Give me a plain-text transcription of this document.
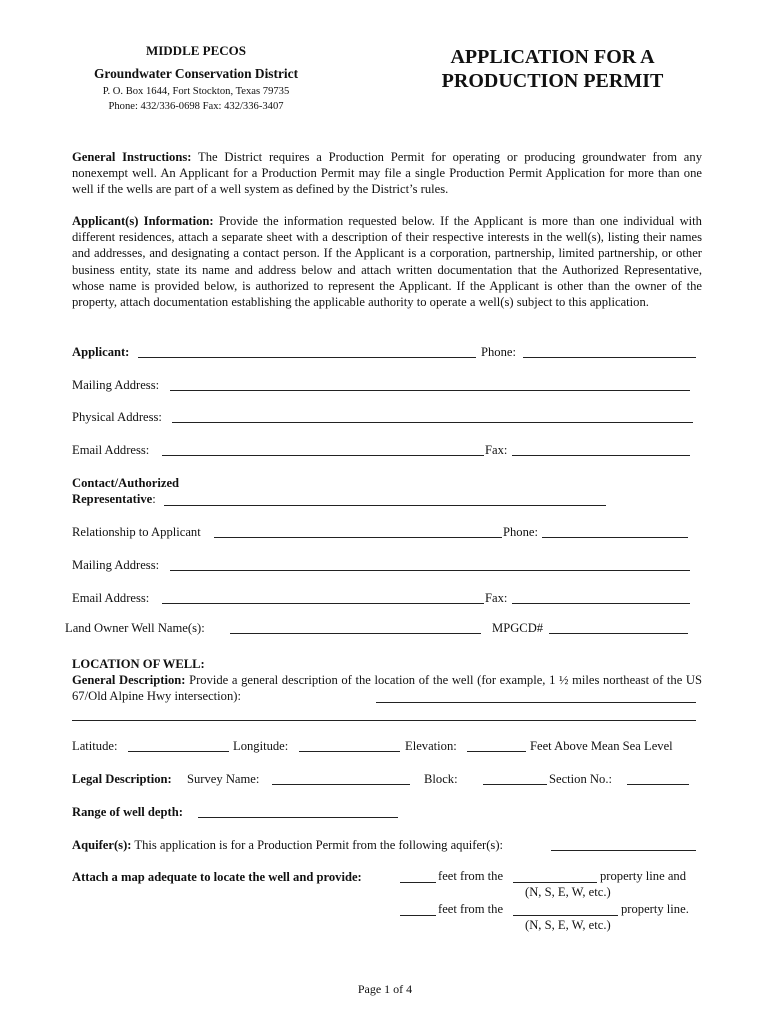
MIDDLE PECOS
Groundwater Conservation District
P. O. Box 1644, Fort Stockton, Texas 79735
Phone: 432/336-0698 Fax: 432/336-3407
APPLICATION FOR A
PRODUCTION PERMIT
General Instructions: The District requires a Production Permit for operating or producing groundwater from any nonexempt well. An Applicant for a Production Permit may file a single Production Permit Application for more than one well if the wells are part of a well system as defined by the District’s rules.
Applicant(s) Information: Provide the information requested below. If the Applicant is more than one individual with different residences, attach a separate sheet with a description of their respective interests in the well(s), listing their names and addresses, and designating a contact person. If the Applicant is a corporation, partnership, limited partnership, or other business entity, state its name and address below and attach written documentation that the Authorized Representative, whose name is provided below, is authorized to represent the Applicant. If the Applicant is other than the owner of the property, attach documentation establishing the applicable authority to operate a well(s) subject to this application.
Applicant:	Phone:
Mailing Address:
Physical Address:
Email Address:	Fax:
Contact/Authorized
Representative:
Relationship to Applicant	Phone:
Mailing Address:
Email Address:	Fax:
Land Owner Well Name(s):	MPGCD#
LOCATION OF WELL:
General Description: Provide a general description of the location of the well (for example, 1 ½ miles northeast of the US 67/Old Alpine Hwy intersection):
Latitude:	Longitude:	Elevation:	Feet Above Mean Sea Level
Legal Description: Survey Name:	Block:	Section No.:
Range of well depth:
Aquifer(s): This application is for a Production Permit from the following aquifer(s):
Attach a map adequate to locate the well and provide:	feet from the	property line and
(N, S, E, W, etc.)
feet from the	property line.
(N, S, E, W, etc.)
Page 1 of 4
